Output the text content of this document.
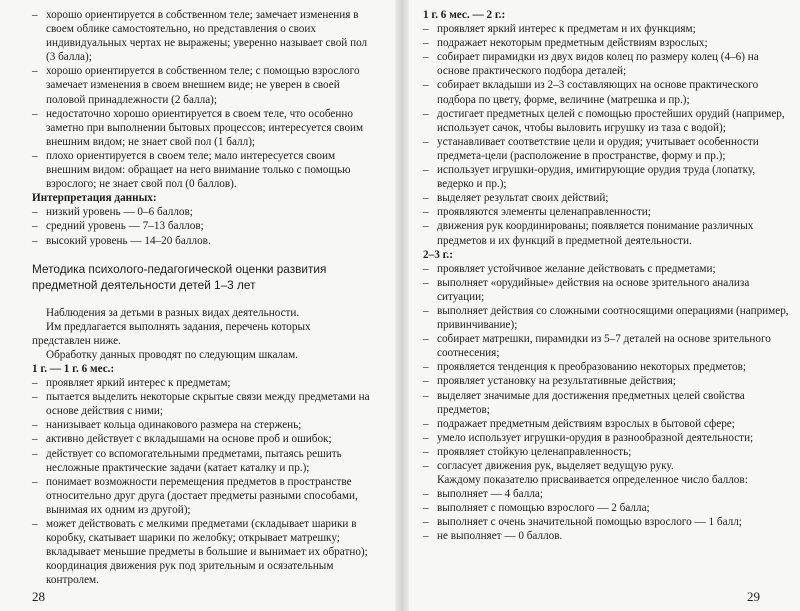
– хорошо ориентируется в собственном теле; замечает изменения в своем облике самостоятельно, но представления о своих индивидуальных чертах не выражены; уверенно называет свой пол (3 балла);

– хорошо ориентируется в собственном теле; с помощью взрослого замечает изменения в своем внешнем виде; не уверен в своей половой принадлежности (2 балла);

– недостаточно хорошо ориентируется в своем теле, что особенно заметно при выполнении бытовых процессов; интересуется своим внешним видом; не знает свой пол (1 балл);

– плохо ориентируется в своем теле; мало интересуется своим внешним видом: обращает на него внимание только с помощью взрослого; не знает свой пол (0 баллов).

Интерпретация данных:

– низкий уровень — 0–6 баллов;

– средний уровень — 7–13 баллов;

– высокий уровень — 14–20 баллов.

Методика психолого-педагогической оценки развития предметной деятельности детей 1–3 лет

Наблюдения за детьми в разных видах деятельности.

Им предлагается выполнять задания, перечень которых представлен ниже.

Обработку данных проводят по следующим шкалам.

1 г. — 1 г. 6 мес.:

– проявляет яркий интерес к предметам;

– пытается выделить некоторые скрытые связи между предметами на основе действия с ними;

– нанизывает кольца одинакового размера на стержень;

– активно действует с вкладышами на основе проб и ошибок;

– действует со вспомогательными предметами, пытаясь решить несложные практические задачи (катает каталку и пр.);

– понимает возможности перемещения предметов в пространстве относительно друг друга (достает предметы разными способами, вынимая их одним из другой);

– может действовать с мелкими предметами (складывает шарики в коробку, скатывает шарики по желобку; открывает матрешку; вкладывает меньшие предметы в большие и вынимает их обратно); координация движения рук под зрительным и осязательным контролем.

28

1 г. 6 мес. — 2 г.:

– проявляет яркий интерес к предметам и их функциям;

– подражает некоторым предметным действиям взрослых;

– собирает пирамидки из двух видов колец по размеру колец (4–6) на основе практического подбора деталей;

– собирает вкладыши из 2–3 составляющих на основе практического подбора по цвету, форме, величине (матрешка и пр.);

– достигает предметных целей с помощью простейших орудий (например, использует сачок, чтобы выловить игрушку из таза с водой);

– устанавливает соответствие цели и орудия; учитывает особенности предмета-цели (расположение в пространстве, форму и пр.);

– использует игрушки-орудия, имитирующие орудия труда (лопатку, ведерко и пр.);

– выделяет результат своих действий;

– проявляются элементы целенаправленности;

– движения рук координированы; появляется понимание различных предметов и их функций в предметной деятельности.

2–3 г.:

– проявляет устойчивое желание действовать с предметами;

– выполняет «орудийные» действия на основе зрительного анализа ситуации;

– выполняет действия со сложными соотносящими операциями (например, привинчивание);

– собирает матрешки, пирамидки из 5–7 деталей на основе зрительного соотнесения;

– проявляется тенденция к преобразованию некоторых предметов;

– проявляет установку на результативные действия;

– выделяет значимые для достижения предметных целей свойства предметов;

– подражает предметным действиям взрослых в бытовой сфере;

– умело использует игрушки-орудия в разнообразной деятельности;

– проявляет стойкую целенаправленность;

– согласует движения рук, выделяет ведущую руку.

Каждому показателю присваивается определенное число баллов:

– выполняет — 4 балла;

– выполняет с помощью взрослого — 2 балла;

– выполняет с очень значительной помощью взрослого — 1 балл;

– не выполняет — 0 баллов.

29
